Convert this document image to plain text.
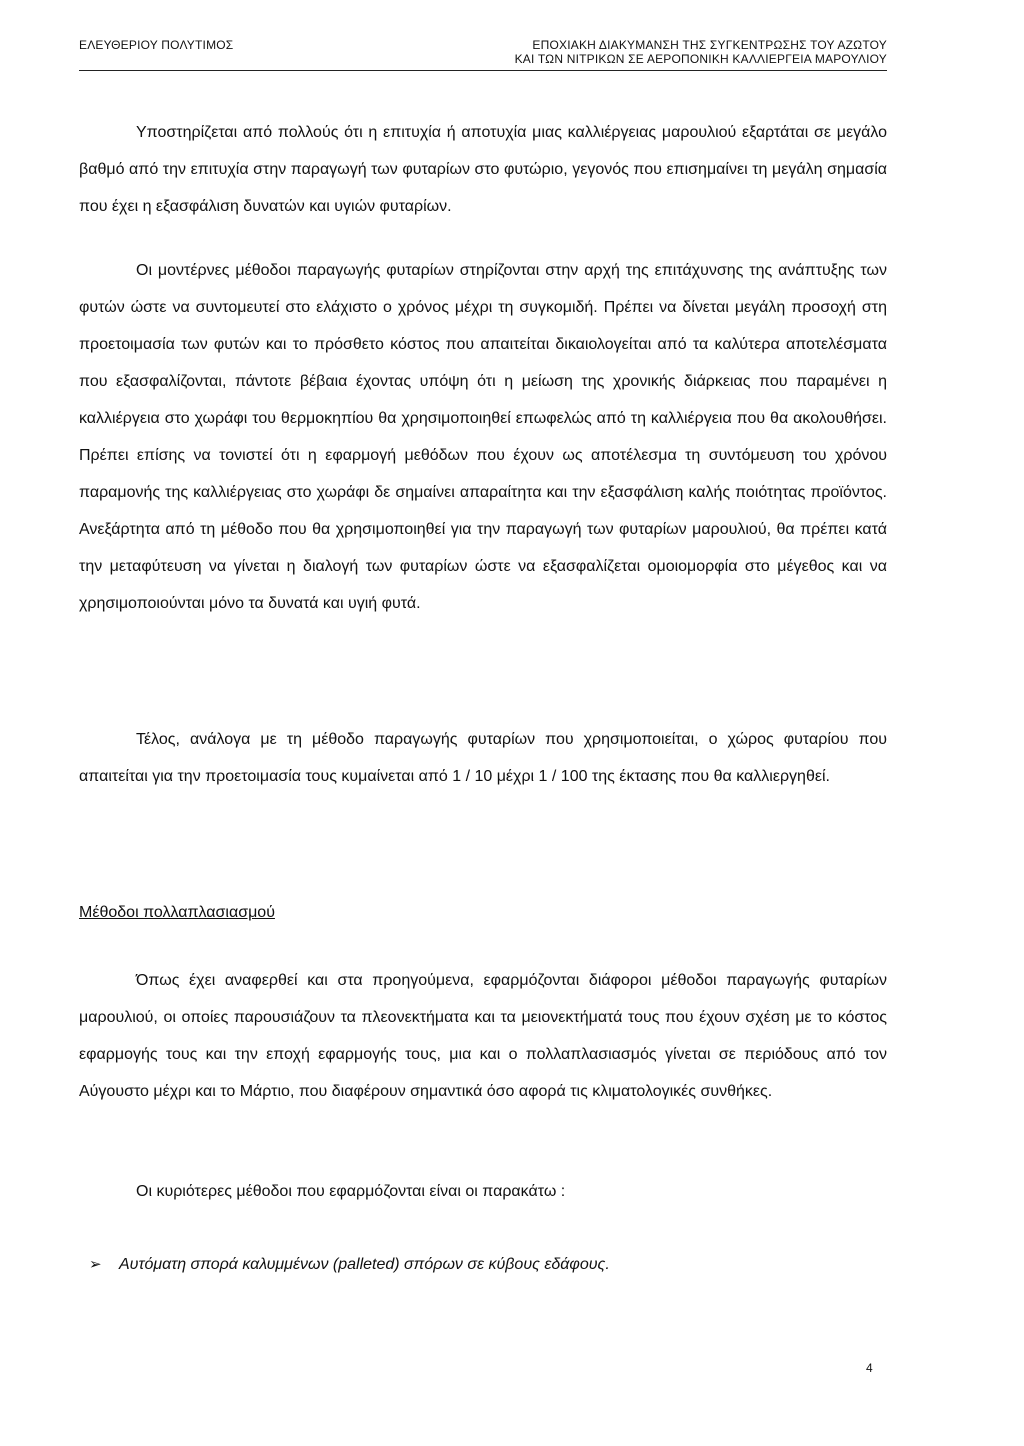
ΕΛΕΥΘΕΡΙΟΥ ΠΟΛΥΤΙΜΟΣ	ΕΠΟΧΙΑΚΗ ΔΙΑΚΥΜΑΝΣΗ ΤΗΣ ΣΥΓΚΕΝΤΡΩΣΗΣ ΤΟΥ ΑΖΩΤΟΥ
ΚΑΙ ΤΩΝ ΝΙΤΡΙΚΩΝ ΣΕ ΑΕΡΟΠΟΝΙΚΗ ΚΑΛΛΙΕΡΓΕΙΑ ΜΑΡΟΥΛΙΟΥ

Υποστηρίζεται από πολλούς ότι η επιτυχία ή αποτυχία μιας καλλιέργειας μαρουλιού εξαρτάται σε μεγάλο βαθμό από την επιτυχία στην παραγωγή των φυταρίων στο φυτώριο, γεγονός που επισημαίνει τη μεγάλη σημασία που έχει η εξασφάλιση δυνατών και υγιών φυταρίων.

Οι μοντέρνες μέθοδοι παραγωγής φυταρίων στηρίζονται στην αρχή της επιτάχυνσης της ανάπτυξης των φυτών ώστε να συντομευτεί στο ελάχιστο ο χρόνος μέχρι τη συγκομιδή. Πρέπει να δίνεται μεγάλη προσοχή στη προετοιμασία των φυτών και το πρόσθετο κόστος που απαιτείται δικαιολογείται από τα καλύτερα αποτελέσματα που εξασφαλίζονται, πάντοτε βέβαια έχοντας υπόψη ότι η μείωση της χρονικής διάρκειας που παραμένει η καλλιέργεια στο χωράφι του θερμοκηπίου θα χρησιμοποιηθεί επωφελώς από τη καλλιέργεια που θα ακολουθήσει. Πρέπει επίσης να τονιστεί ότι η εφαρμογή μεθόδων που έχουν ως αποτέλεσμα τη συντόμευση του χρόνου παραμονής της καλλιέργειας στο χωράφι δε σημαίνει απαραίτητα και την εξασφάλιση καλής ποιότητας προϊόντος. Ανεξάρτητα από τη μέθοδο που θα χρησιμοποιηθεί για την παραγωγή των φυταρίων μαρουλιού, θα πρέπει κατά την μεταφύτευση να γίνεται η διαλογή των φυταρίων ώστε να εξασφαλίζεται ομοιομορφία στο μέγεθος και να χρησιμοποιούνται μόνο τα δυνατά και υγιή φυτά.

Τέλος, ανάλογα με τη μέθοδο παραγωγής φυταρίων που χρησιμοποιείται, ο χώρος φυταρίου που απαιτείται για την προετοιμασία τους κυμαίνεται από 1 / 10 μέχρι 1 / 100 της έκτασης που θα καλλιεργηθεί.

Μέθοδοι πολλαπλασιασμού

Όπως έχει αναφερθεί και στα προηγούμενα, εφαρμόζονται διάφοροι μέθοδοι παραγωγής φυταρίων μαρουλιού, οι οποίες παρουσιάζουν τα πλεονεκτήματα και τα μειονεκτήματά τους που έχουν σχέση με το κόστος εφαρμογής τους και την εποχή εφαρμογής τους, μια και ο πολλαπλασιασμός γίνεται σε περιόδους από τον Αύγουστο μέχρι και το Μάρτιο, που διαφέρουν σημαντικά όσο αφορά τις κλιματολογικές συνθήκες.

Οι κυριότερες μέθοδοι που εφαρμόζονται είναι οι παρακάτω :

➢	Αυτόματη σπορά καλυμμένων (palleted) σπόρων σε κύβους εδάφους.
4
